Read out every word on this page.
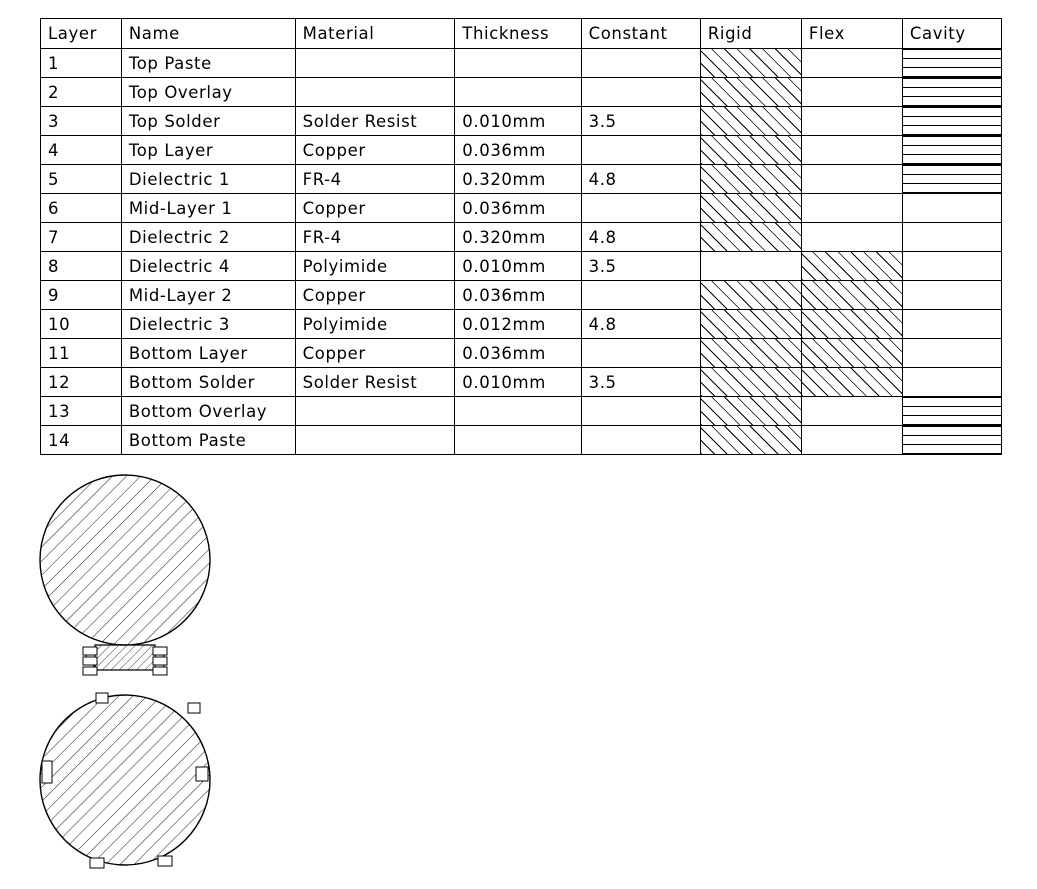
Layer	Name	Material	Thickness	Constant	Rigid	Flex	Cavity
1	Top Paste				

2	Top Overlay				

3	Top Solder	Solder Resist	0.010mm	3.5	

4	Top Layer	Copper	0.036mm		

5	Dielectric 1	FR-4	0.320mm	4.8	

6	Mid-Layer 1	Copper	0.036mm		

7	Dielectric 2	FR-4	0.320mm	4.8	

8	Dielectric 4	Polyimide	0.010mm	3.5		

9	Mid-Layer 2	Copper	0.036mm		

10	Dielectric 3	Polyimide	0.012mm	4.8	

11	Bottom Layer	Copper	0.036mm		

12	Bottom Solder	Solder Resist	0.010mm	3.5	

13	Bottom Overlay				

14	Bottom Paste				
